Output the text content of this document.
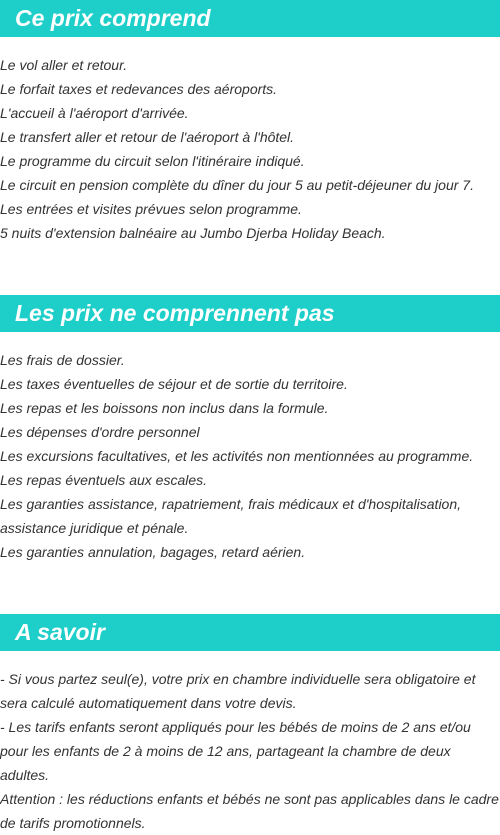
Ce prix comprend
Le vol aller et retour.
Le forfait taxes et redevances des aéroports.
L'accueil à l'aéroport d'arrivée.
Le transfert aller et retour de l'aéroport à l'hôtel.
Le programme du circuit selon l'itinéraire indiqué.
Le circuit en pension complète du dîner du jour 5 au petit-déjeuner du jour 7.
Les entrées et visites prévues selon programme.
5 nuits d'extension balnéaire au Jumbo Djerba Holiday Beach.
Les prix ne comprennent pas
Les frais de dossier.
Les taxes éventuelles de séjour et de sortie du territoire.
Les repas et les boissons non inclus dans la formule.
Les dépenses d'ordre personnel
Les excursions facultatives, et les activités non mentionnées au programme.
Les repas éventuels aux escales.
Les garanties assistance, rapatriement, frais médicaux et d'hospitalisation, assistance juridique et pénale.
Les garanties annulation, bagages, retard aérien.
A savoir
- Si vous partez seul(e), votre prix en chambre individuelle sera obligatoire et sera calculé automatiquement dans votre devis.
- Les tarifs enfants seront appliqués pour les bébés de moins de 2 ans et/ou pour les enfants de 2 à moins de 12 ans, partageant la chambre de deux adultes.
Attention : les réductions enfants et bébés ne sont pas applicables dans le cadre de tarifs promotionnels.
